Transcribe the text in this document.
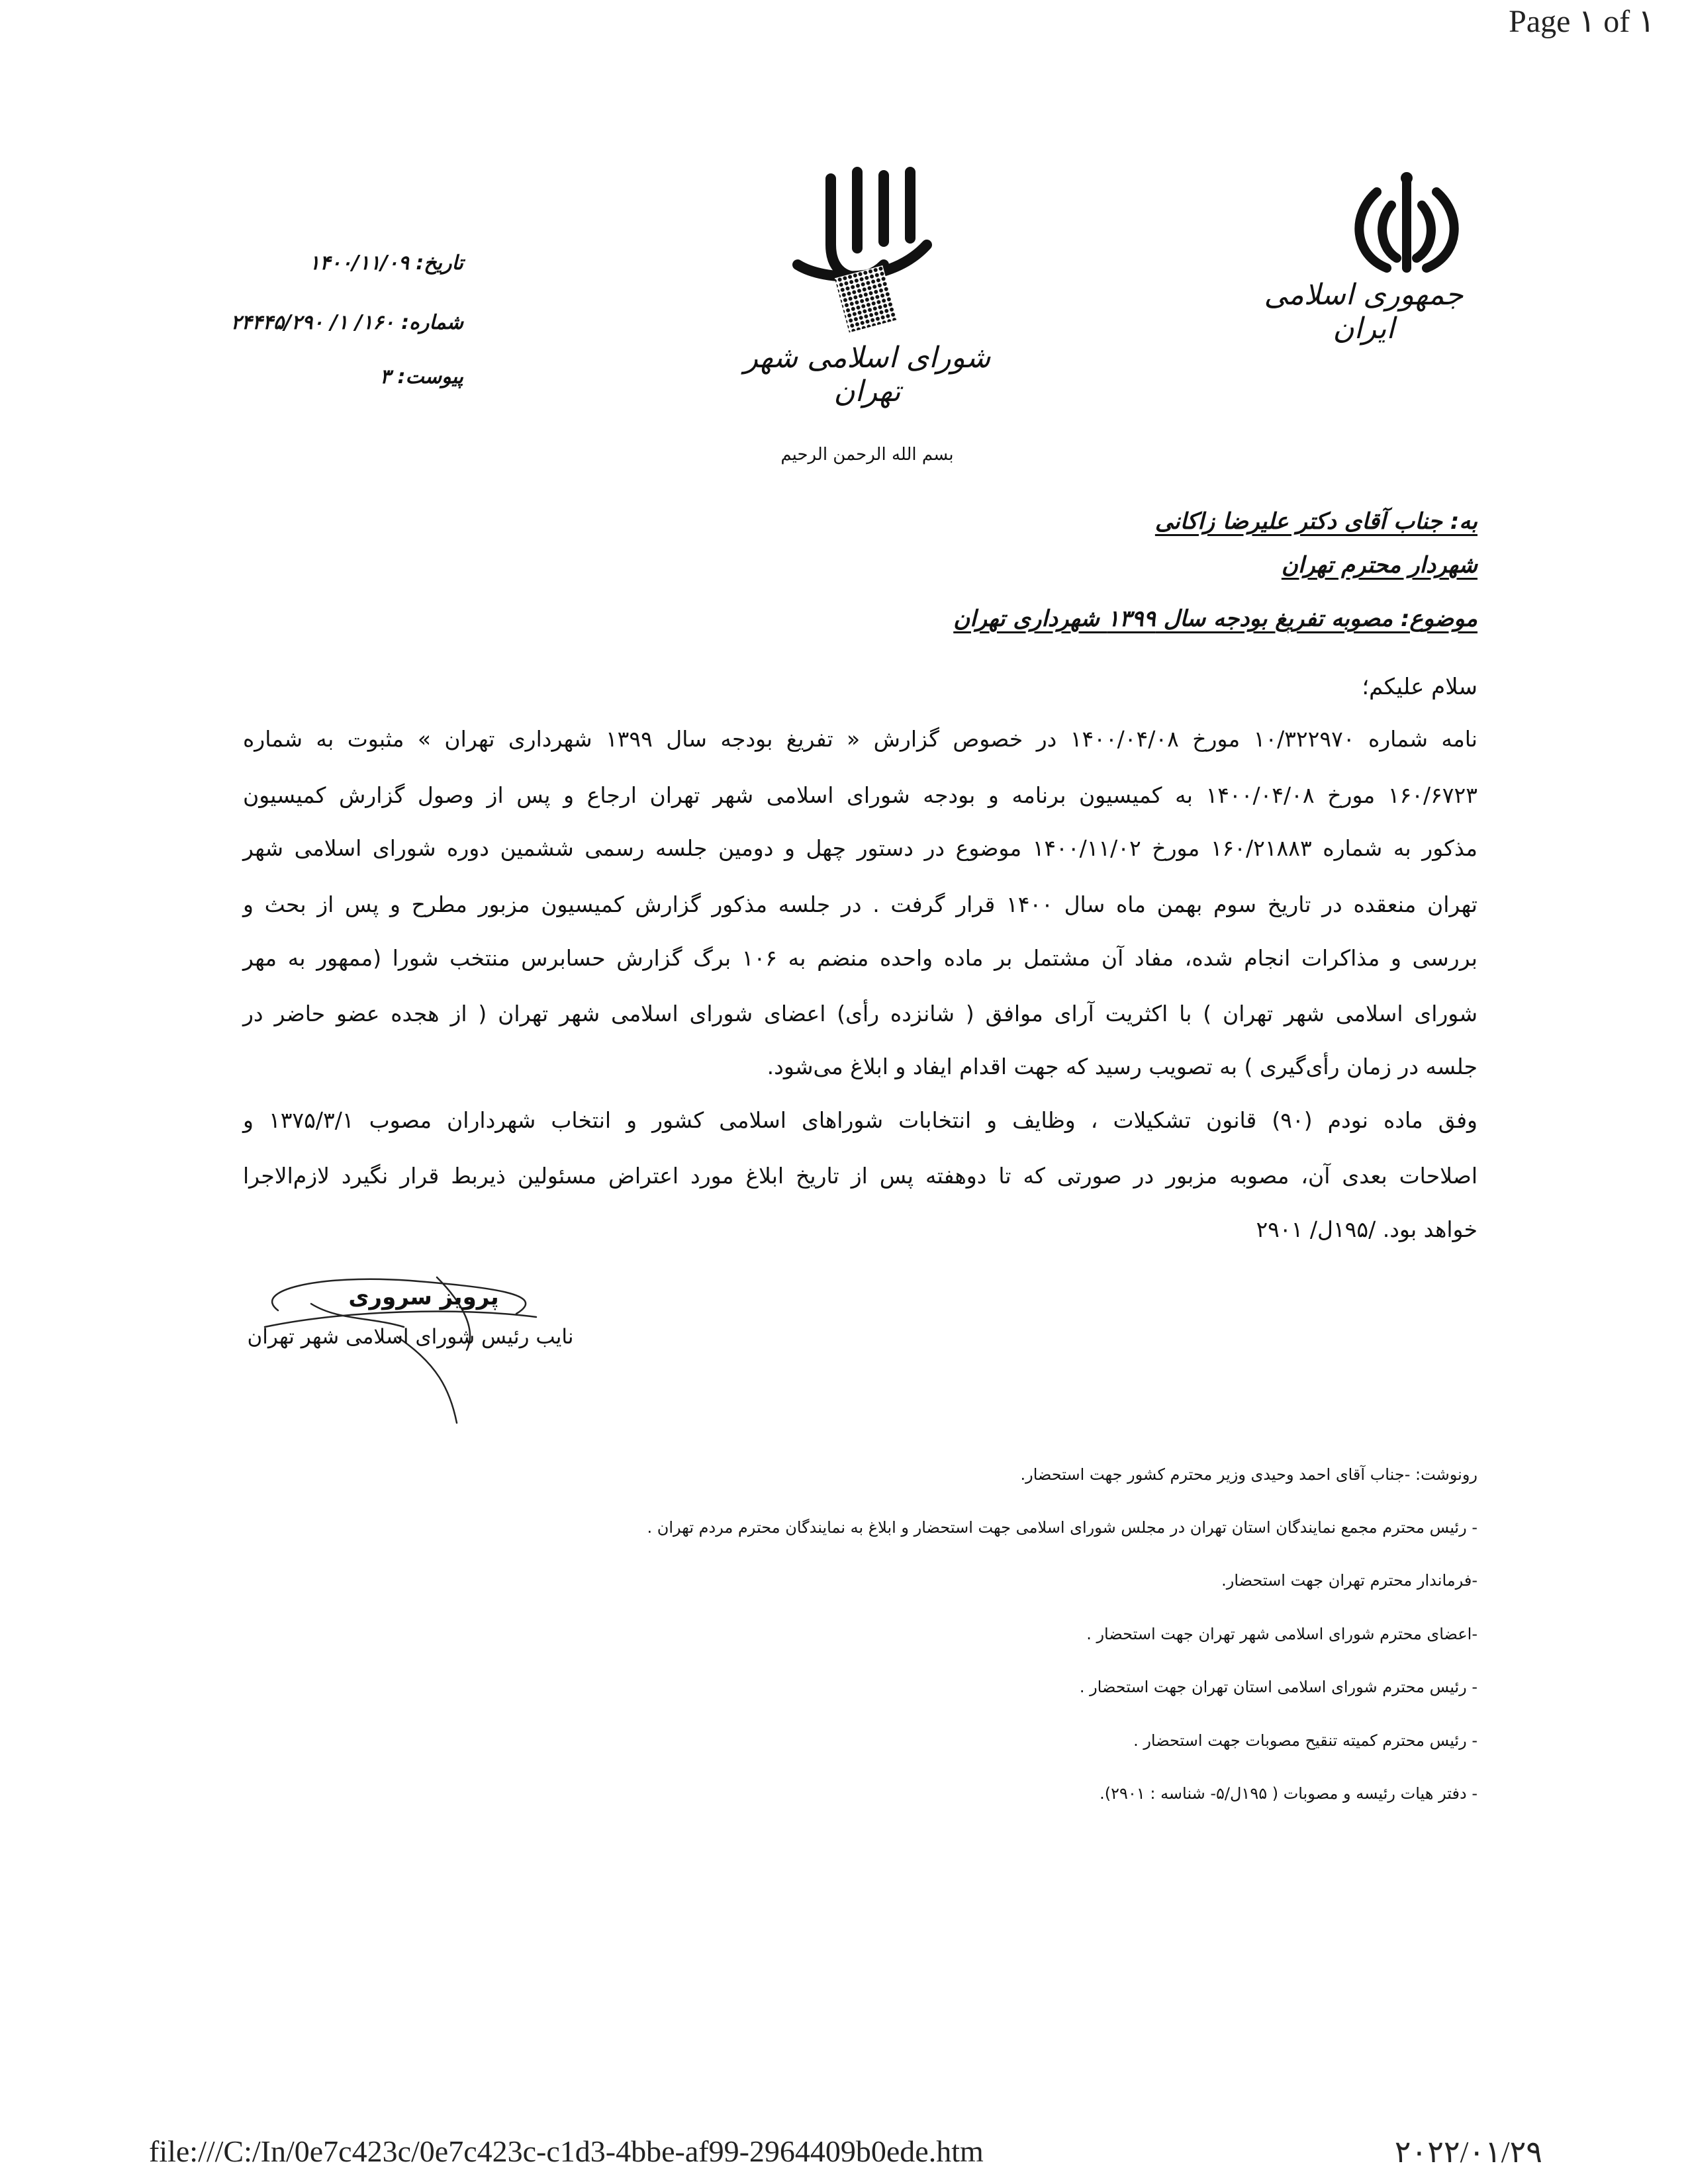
Page ۱ of ۱
جمهوری اسلامی ایران
شورای اسلامی شهر تهران
تاریخ: ۱۴۰۰/۱۱/۰۹
شماره: ۱۶۰/ ۱/ ۲۴۴۴۵/۲۹۰
پیوست: ۳
بسم الله الرحمن الرحیم
به: جناب آقای دکتر علیرضا زاکانی
شهردار محترم تهران
موضوع: مصوبه تفریغ بودجه سال ۱۳۹۹ شهرداری تهران
سلام علیکم؛
نامه شماره ۱۰/۳۲۲۹۷۰ مورخ ۱۴۰۰/۰۴/۰۸ در خصوص گزارش « تفریغ بودجه سال ۱۳۹۹ شهرداری تهران » مثبوت به شماره
۱۶۰/۶۷۲۳ مورخ ۱۴۰۰/۰۴/۰۸ به کمیسیون برنامه و بودجه شورای اسلامی شهر تهران ارجاع و پس از وصول گزارش کمیسیون
مذکور به شماره ۱۶۰/۲۱۸۸۳ مورخ ۱۴۰۰/۱۱/۰۲ موضوع در دستور چهل و دومین جلسه رسمی ششمین دوره شورای اسلامی شهر
تهران منعقده در تاریخ سوم بهمن ماه سال ۱۴۰۰ قرار گرفت . در جلسه مذکور گزارش کمیسیون مزبور مطرح و پس از بحث و
بررسی و مذاکرات انجام شده، مفاد آن مشتمل بر ماده واحده منضم به ۱۰۶ برگ گزارش حسابرس منتخب شورا (ممهور به مهر
شورای اسلامی شهر تهران ) با اکثریت آرای موافق ( شانزده رأی) اعضای شورای اسلامی شهر تهران ( از هجده عضو حاضر در
جلسه در زمان رأی‌گیری ) به تصویب رسید که جهت اقدام ایفاد و ابلاغ می‌شود.
وفق ماده نودم (۹۰) قانون تشکیلات ، وظایف و انتخابات شوراهای اسلامی کشور و انتخاب شهرداران مصوب ۱۳۷۵/۳/۱ و
اصلاحات بعدی آن، مصوبه مزبور در صورتی که تا دوهفته پس از تاریخ ابلاغ مورد اعتراض مسئولین ذیربط قرار نگیرد لازم‌الاجرا
خواهد بود. /۱۹۵ل/ ۲۹۰۱
پرویز سروری
نایب رئیس شورای اسلامی شهر تهران
رونوشت: -جناب آقای احمد وحیدی وزیر محترم کشور جهت استحضار.
- رئیس محترم مجمع نمایندگان استان تهران در مجلس شورای اسلامی جهت استحضار و ابلاغ به نمایندگان محترم مردم تهران .
-فرماندار محترم تهران جهت استحضار.
-اعضای محترم شورای اسلامی شهر تهران جهت استحضار .
- رئیس محترم شورای اسلامی استان تهران جهت استحضار .
- رئیس محترم کمیته تنقیح مصوبات جهت استحضار .
- دفتر هیات رئیسه و مصوبات ( ۱۹۵ل/۵- شناسه : ۲۹۰۱).
file:///C:/In/0e7c423c/0e7c423c-c1d3-4bbe-af99-2964409b0ede.htm	۲۰۲۲/۰۱/۲۹
